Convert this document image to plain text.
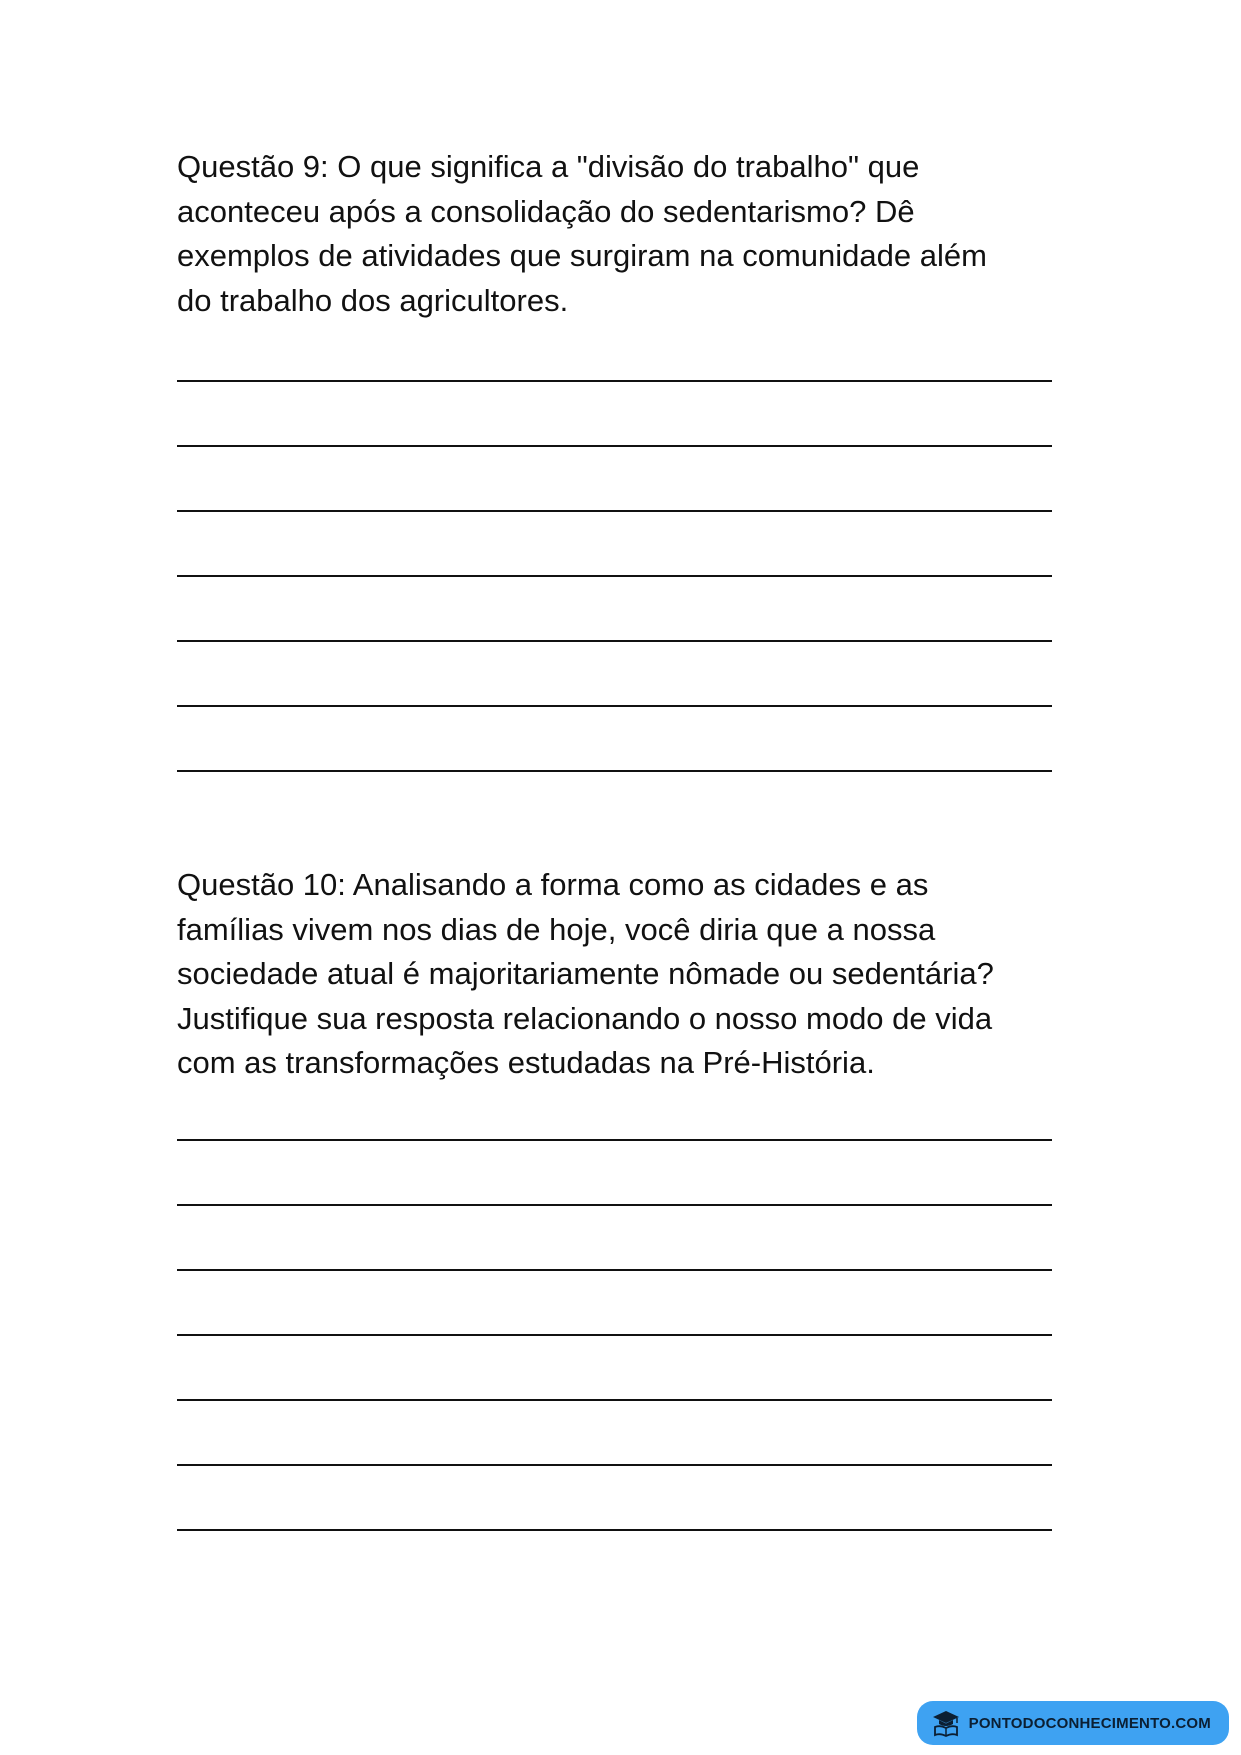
Questão 9: O que significa a "divisão do trabalho" que
aconteceu após a consolidação do sedentarismo? Dê
exemplos de atividades que surgiram na comunidade além
do trabalho dos agricultores.

Questão 10: Analisando a forma como as cidades e as
famílias vivem nos dias de hoje, você diria que a nossa
sociedade atual é majoritariamente nômade ou sedentária?
Justifique sua resposta relacionando o nosso modo de vida
com as transformações estudadas na Pré-História.

PONTODOCONHECIMENTO.COM
